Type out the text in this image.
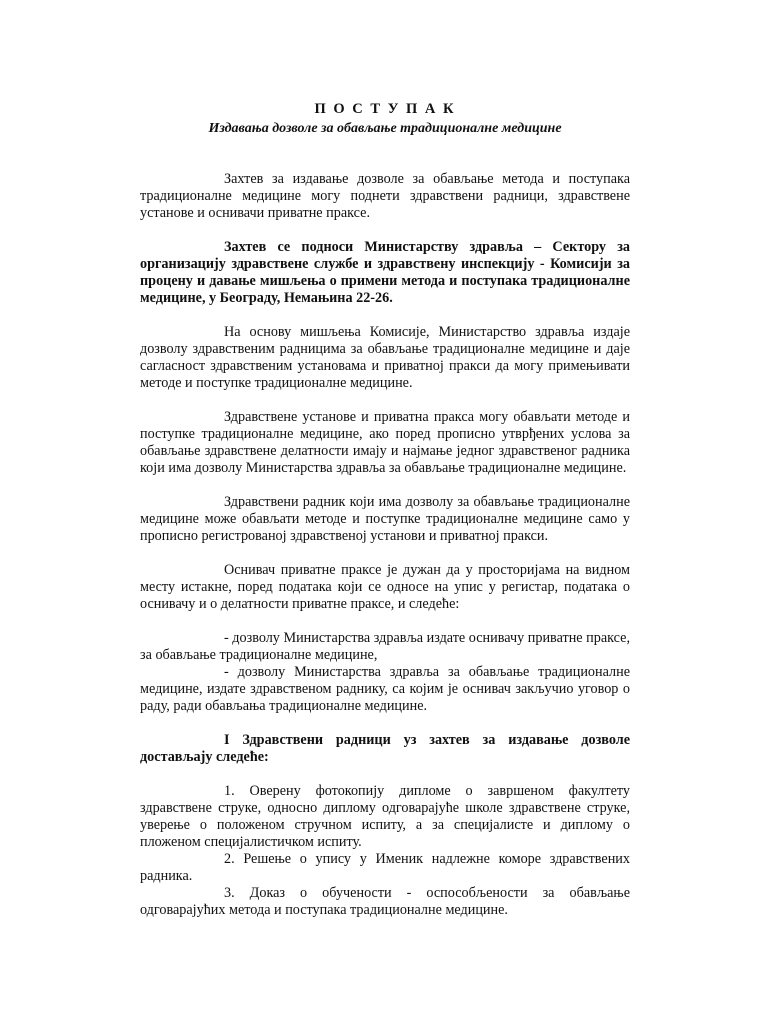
П О С Т У П А К
Издавања дозволе за обављање традиционалне медицине

Захтев за издавање дозволе за обављање метода и поступака традиционалне медицине могу поднети здравствени радници, здравствене установе и оснивачи приватне праксе.

Захтев се подноси Министарству здравља – Сектору за организацију здравствене службе и здравствену инспекцију - Комисији за процену и давање мишљења о примени метода и поступака традиционалне медицине, у Београду, Немањина 22-26.

На основу мишљења Комисије, Министарство здравља издаје дозволу здравственим радницима за обављање традиционалне медицине и даје сагласност здравственим установама и приватној пракси да могу примењивати методе и поступке традиционалне медицине.

Здравствене установе и приватна пракса могу обављати методе и поступке традиционалне медицине, ако поред прописно утврђених услова за обављање здравствене делатности имају и најмање једног здравственог радника који има дозволу Министарства здравља за обављање традиционалне медицине.

Здравствени радник који има дозволу за обављање традиционалне медицине може обављати методе и поступке традиционалне медицине само у прописно регистрованој здравственој установи и приватној пракси.

Оснивач приватне праксе је дужан да у просторијама на видном месту истакне, поред података који се односе на упис у регистар, података о оснивачу и о делатности приватне праксе, и следеће:

- дозволу Министарства здравља издате оснивачу приватне праксе, за обављање традиционалне медицине,

- дозволу Министарства здравља за обављање традиционалне медицине, издате здравственом раднику, са којим је оснивач закључио уговор о раду, ради обављања традиционалне медицине.

I Здравствени радници уз захтев за издавање дозволе достављају следеће:

1. Оверену фотокопију дипломе о завршеном факултету здравствене струке, односно диплому одговарајуће школе здравствене струке, уверење о положеном стручном испиту, а за специјалисте и диплому о пложеном специјалистичком испиту.

2. Решење о упису у Именик надлежне коморе здравствених радника.

3. Доказ о обучености - оспособљености за обављање одговарајућих метода и поступака традиционалне медицине.
